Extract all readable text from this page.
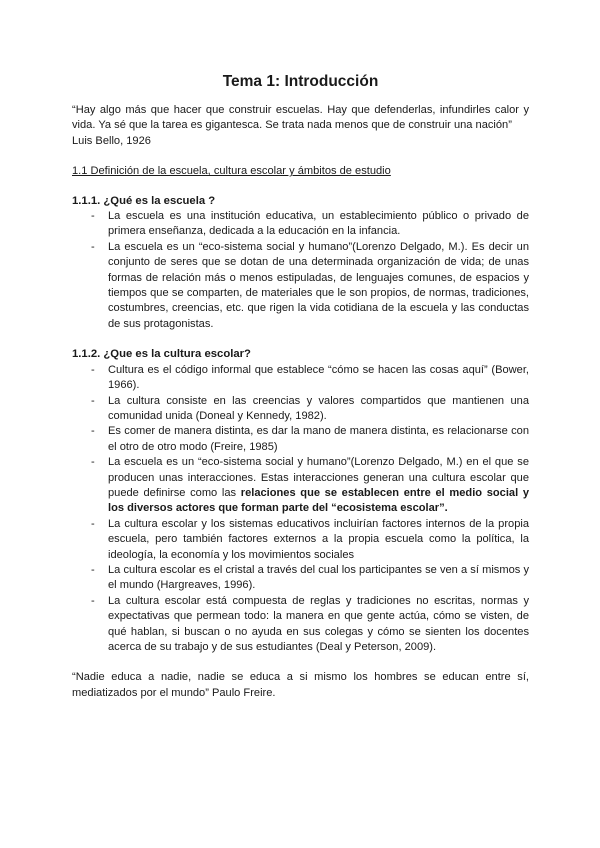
Tema 1: Introducción

“Hay algo más que hacer que construir escuelas. Hay que defenderlas, infundirles calor y vida. Ya sé que la tarea es gigantesca. Se trata nada menos que de construir una nación”
Luis Bello, 1926

1.1 Definición de la escuela, cultura escolar y ámbitos de estudio

1.1.1. ¿Qué es la escuela ?
- La escuela es una institución educativa, un establecimiento público o privado de primera enseñanza, dedicada a la educación en la infancia.
- La escuela es un “eco-sistema social y humano”(Lorenzo Delgado, M.). Es decir un conjunto de seres que se dotan de una determinada organización de vida; de unas formas de relación más o menos estipuladas, de lenguajes comunes, de espacios y tiempos que se comparten, de materiales que le son propios, de normas, tradiciones, costumbres, creencias, etc. que rigen la vida cotidiana de la escuela y las conductas de sus protagonistas.
1.1.2. ¿Que es la cultura escolar?
- Cultura es el código informal que establece “cómo se hacen las cosas aquí” (Bower, 1966).
- La cultura consiste en las creencias y valores compartidos que mantienen una comunidad unida (Doneal y Kennedy, 1982).
- Es comer de manera distinta, es dar la mano de manera distinta, es relacionarse con el otro de otro modo (Freire, 1985)
- La escuela es un “eco-sistema social y humano”(Lorenzo Delgado, M.) en el que se producen unas interacciones. Estas interacciones generan una cultura escolar que puede definirse como las relaciones que se establecen entre el medio social y los diversos actores que forman parte del “ecosistema escolar”.
- La cultura escolar y los sistemas educativos incluirían factores internos de la propia escuela, pero también factores externos a la propia escuela como la política, la ideología, la economía y los movimientos sociales
- La cultura escolar es el cristal a través del cual los participantes se ven a sí mismos y el mundo (Hargreaves, 1996).
- La cultura escolar está compuesta de reglas y tradiciones no escritas, normas y expectativas que permean todo: la manera en que gente actúa, cómo se visten, de qué hablan, si buscan o no ayuda en sus colegas y cómo se sienten los docentes acerca de su trabajo y de sus estudiantes (Deal y Peterson, 2009).

“Nadie educa a nadie, nadie se educa a si mismo los hombres se educan entre sí, mediatizados por el mundo” Paulo Freire.
